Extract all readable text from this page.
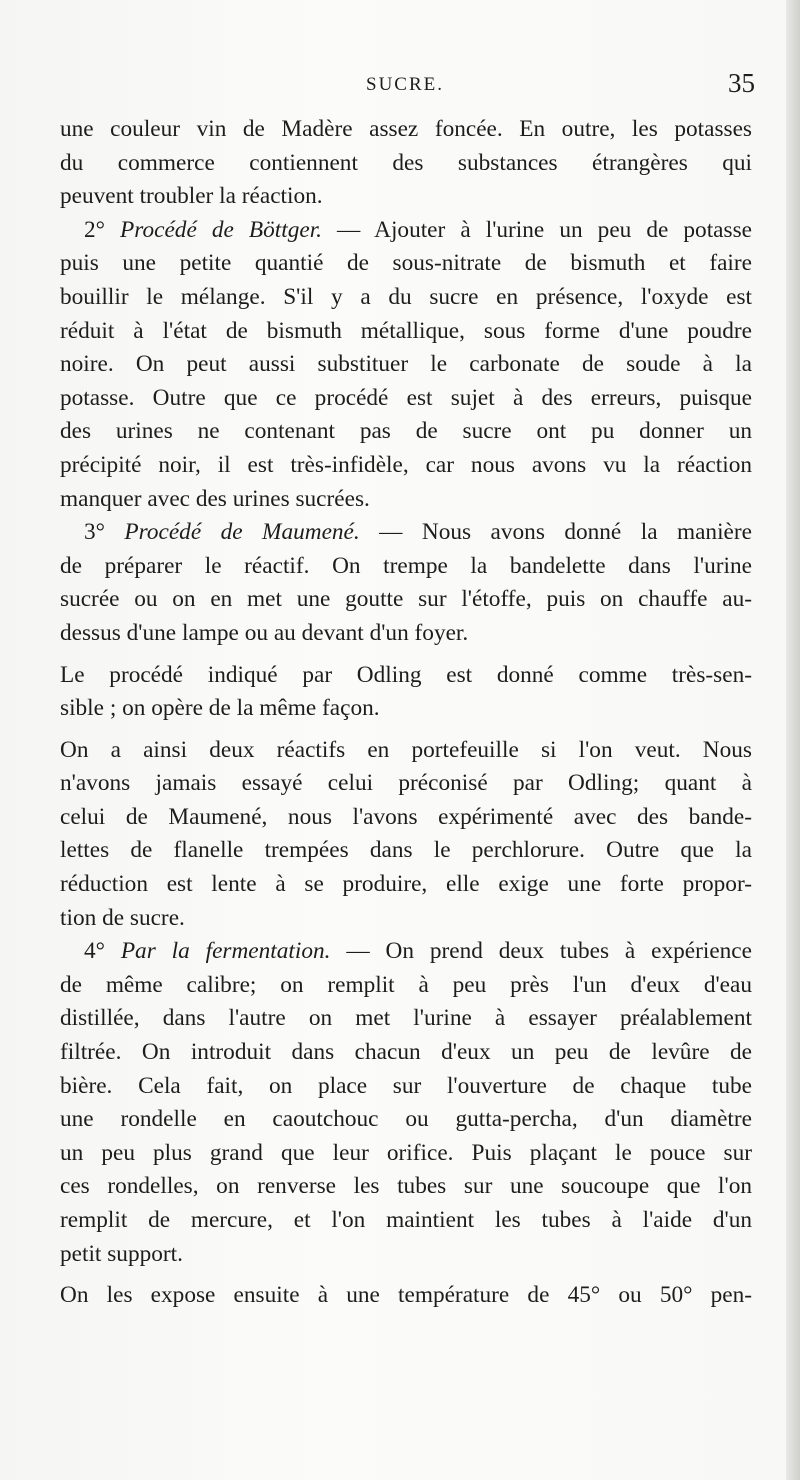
SUCRE.	35
une couleur vin de Madère assez foncée. En outre, les potasses
du commerce contiennent des substances étrangères qui
peuvent troubler la réaction.
2° Procédé de Böttger. — Ajouter à l'urine un peu de potasse
puis une petite quantié de sous-nitrate de bismuth et faire
bouillir le mélange. S'il y a du sucre en présence, l'oxyde est
réduit à l'état de bismuth métallique, sous forme d'une poudre
noire. On peut aussi substituer le carbonate de soude à la
potasse. Outre que ce procédé est sujet à des erreurs, puisque
des urines ne contenant pas de sucre ont pu donner un
précipité noir, il est très-infidèle, car nous avons vu la réaction
manquer avec des urines sucrées.
3° Procédé de Maumené. — Nous avons donné la manière
de préparer le réactif. On trempe la bandelette dans l'urine
sucrée ou on en met une goutte sur l'étoffe, puis on chauffe au-
dessus d'une lampe ou au devant d'un foyer.
Le procédé indiqué par Odling est donné comme très-sen-
sible ; on opère de la même façon.
On a ainsi deux réactifs en portefeuille si l'on veut. Nous
n'avons jamais essayé celui préconisé par Odling; quant à
celui de Maumené, nous l'avons expérimenté avec des bande-
lettes de flanelle trempées dans le perchlorure. Outre que la
réduction est lente à se produire, elle exige une forte propor-
tion de sucre.
4° Par la fermentation. — On prend deux tubes à expérience
de même calibre; on remplit à peu près l'un d'eux d'eau
distillée, dans l'autre on met l'urine à essayer préalablement
filtrée. On introduit dans chacun d'eux un peu de levûre de
bière. Cela fait, on place sur l'ouverture de chaque tube
une rondelle en caoutchouc ou gutta-percha, d'un diamètre
un peu plus grand que leur orifice. Puis plaçant le pouce sur
ces rondelles, on renverse les tubes sur une soucoupe que l'on
remplit de mercure, et l'on maintient les tubes à l'aide d'un
petit support.
On les expose ensuite à une température de 45° ou 50° pen-
